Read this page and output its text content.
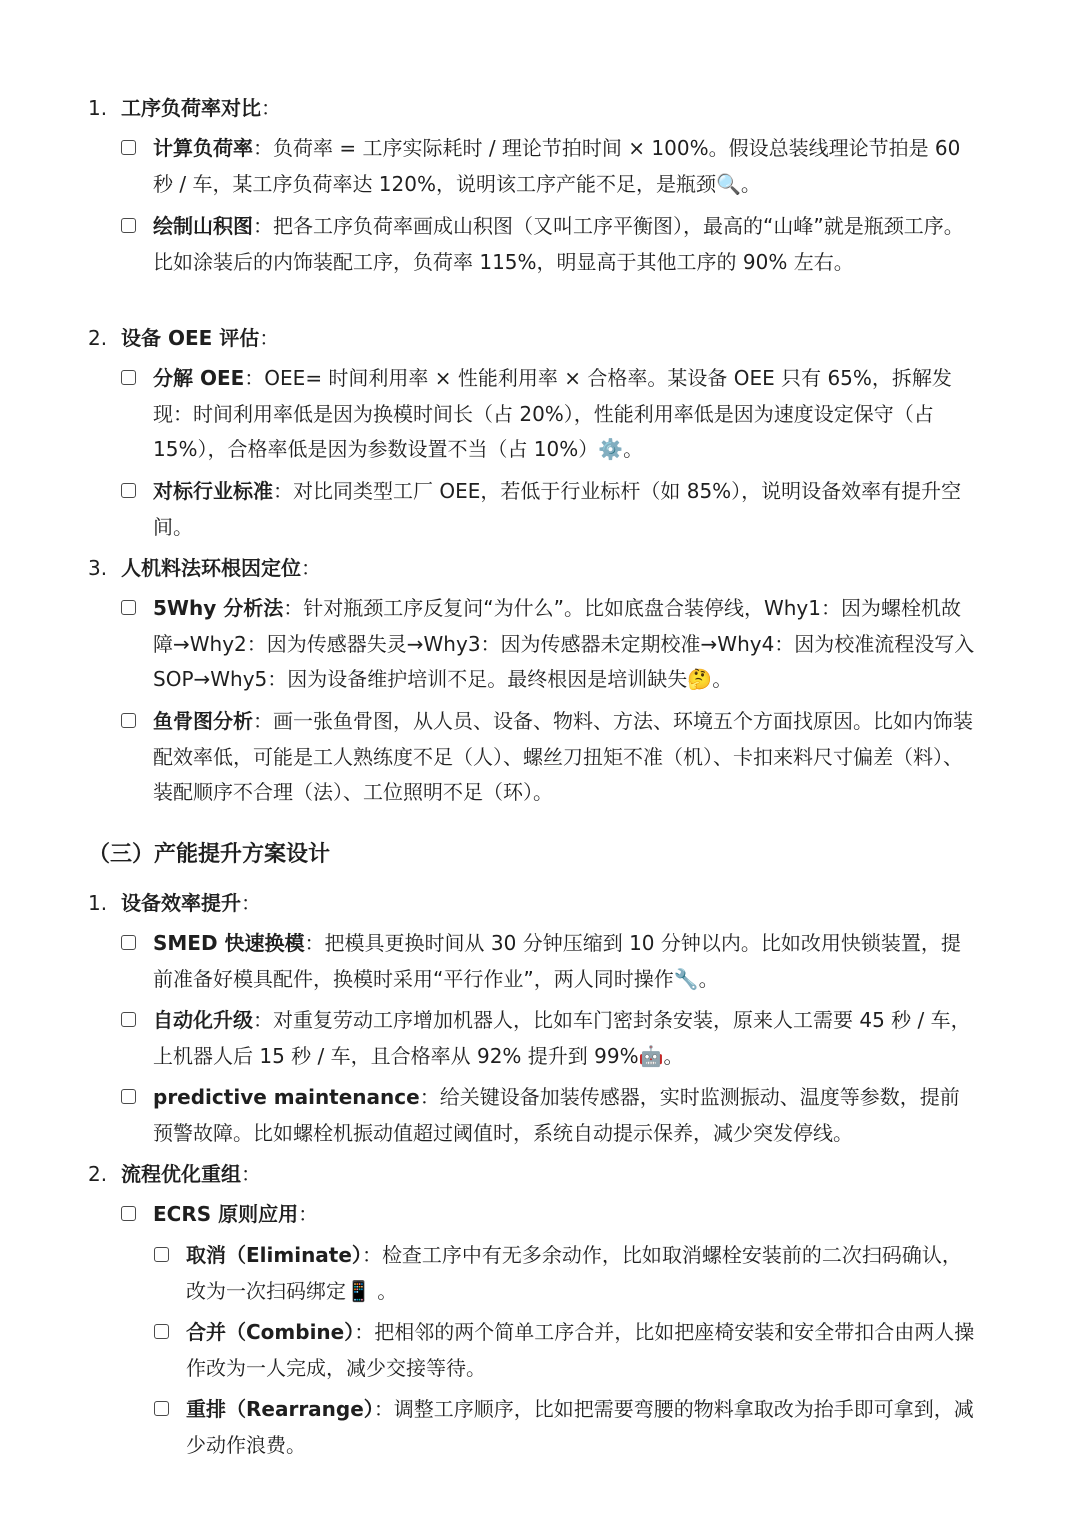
1. 工序负荷率对比：
计算负荷率：负荷率 = 工序实际耗时 / 理论节拍时间 × 100%。假设总装线理论节拍是 60 秒 / 车，某工序负荷率达 120%，说明该工序产能不足，是瓶颈🔍。
绘制山积图：把各工序负荷率画成山积图（又叫工序平衡图），最高的“山峰”就是瓶颈工序。比如涂装后的内饰装配工序，负荷率 115%，明显高于其他工序的 90% 左右。
2. 设备 OEE 评估：
分解 OEE：OEE= 时间利用率 × 性能利用率 × 合格率。某设备 OEE 只有 65%，拆解发现：时间利用率低是因为换模时间长（占 20%），性能利用率低是因为速度设定保守（占 15%），合格率低是因为参数设置不当（占 10%）⚙️。
对标行业标准：对比同类型工厂 OEE，若低于行业标杆（如 85%），说明设备效率有提升空间。
3. 人机料法环根因定位：
5Why 分析法：针对瓶颈工序反复问“为什么”。比如底盘合装停线，Why1：因为螺栓机故障→Why2：因为传感器失灵→Why3：因为传感器未定期校准→Why4：因为校准流程没写入 SOP→Why5：因为设备维护培训不足。最终根因是培训缺失🤔。
鱼骨图分析：画一张鱼骨图，从人员、设备、物料、方法、环境五个方面找原因。比如内饰装配效率低，可能是工人熟练度不足（人）、螺丝刀扭矩不准（机）、卡扣来料尺寸偏差（料）、装配顺序不合理（法）、工位照明不足（环）。
（三）产能提升方案设计
1. 设备效率提升：
SMED 快速换模：把模具更换时间从 30 分钟压缩到 10 分钟以内。比如改用快锁装置，提前准备好模具配件，换模时采用“平行作业”，两人同时操作🔧。
自动化升级：对重复劳动工序增加机器人，比如车门密封条安装，原来人工需要 45 秒 / 车，上机器人后 15 秒 / 车，且合格率从 92% 提升到 99%🤖。
predictive maintenance：给关键设备加装传感器，实时监测振动、温度等参数，提前预警故障。比如螺栓机振动值超过阈值时，系统自动提示保养，减少突发停线。
2. 流程优化重组：
ECRS 原则应用：
取消（Eliminate）：检查工序中有无多余动作，比如取消螺栓安装前的二次扫码确认，改为一次扫码绑定📱 。
合并（Combine）：把相邻的两个简单工序合并，比如把座椅安装和安全带扣合由两人操作改为一人完成，减少交接等待。
重排（Rearrange）：调整工序顺序，比如把需要弯腰的物料拿取改为抬手即可拿到，减少动作浪费。
